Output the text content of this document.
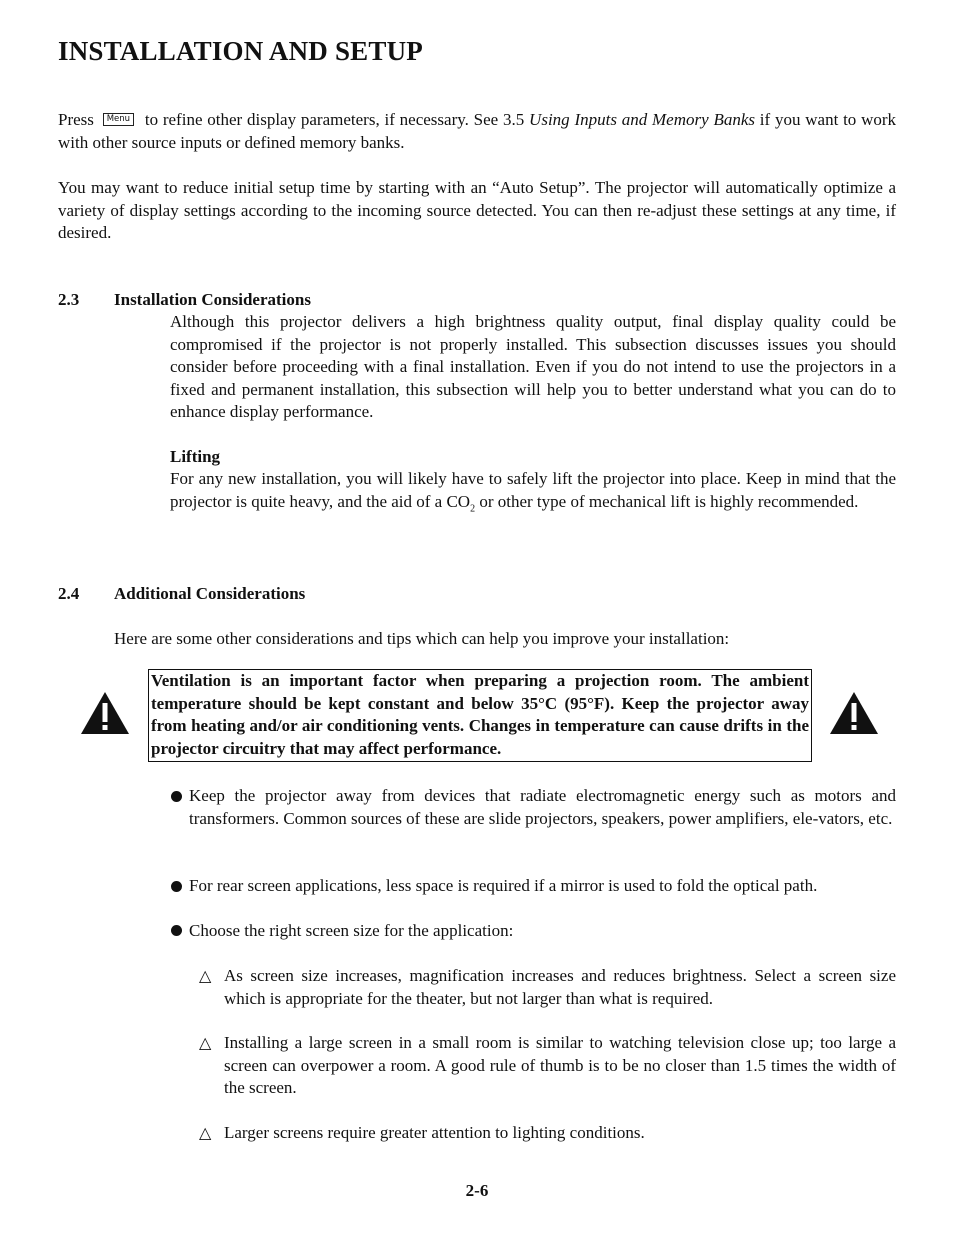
INSTALLATION AND SETUP
Press Menu to refine other display parameters, if necessary. See 3.5 Using Inputs and Memory Banks if you want to work with other source inputs or defined memory banks.
You may want to reduce initial setup time by starting with an “Auto Setup”. The projector will automatically optimize a variety of display settings according to the incoming source detected. You can then re-adjust these settings at any time, if desired.
2.3 Installation Considerations
Although this projector delivers a high brightness quality output, final display quality could be compromised if the projector is not properly installed. This subsection discusses issues you should consider before proceeding with a final installation. Even if you do not intend to use the projectors in a fixed and permanent installation, this subsection will help you to better understand what you can do to enhance display performance.
Lifting
For any new installation, you will likely have to safely lift the projector into place. Keep in mind that the projector is quite heavy, and the aid of a $CO_2$ or other type of mechanical lift is highly recommended.
2.4 Additional Considerations
Here are some other considerations and tips which can help you improve your installation:
Ventilation is an important factor when preparing a projection room. The ambient temperature should be kept constant and below 35°C (95°F). Keep the projector away from heating and/or air conditioning vents. Changes in temperature can cause drifts in the projector circuitry that may affect performance.
Keep the projector away from devices that radiate electromagnetic energy such as motors and transformers. Common sources of these are slide projectors, speakers, power amplifiers, ele-vators, etc.
For rear screen applications, less space is required if a mirror is used to fold the optical path.
Choose the right screen size for the application:
△ As screen size increases, magnification increases and reduces brightness. Select a screen size which is appropriate for the theater, but not larger than what is required.
△ Installing a large screen in a small room is similar to watching television close up; too large a screen can overpower a room. A good rule of thumb is to be no closer than 1.5 times the width of the screen.
△ Larger screens require greater attention to lighting conditions.
2-6
